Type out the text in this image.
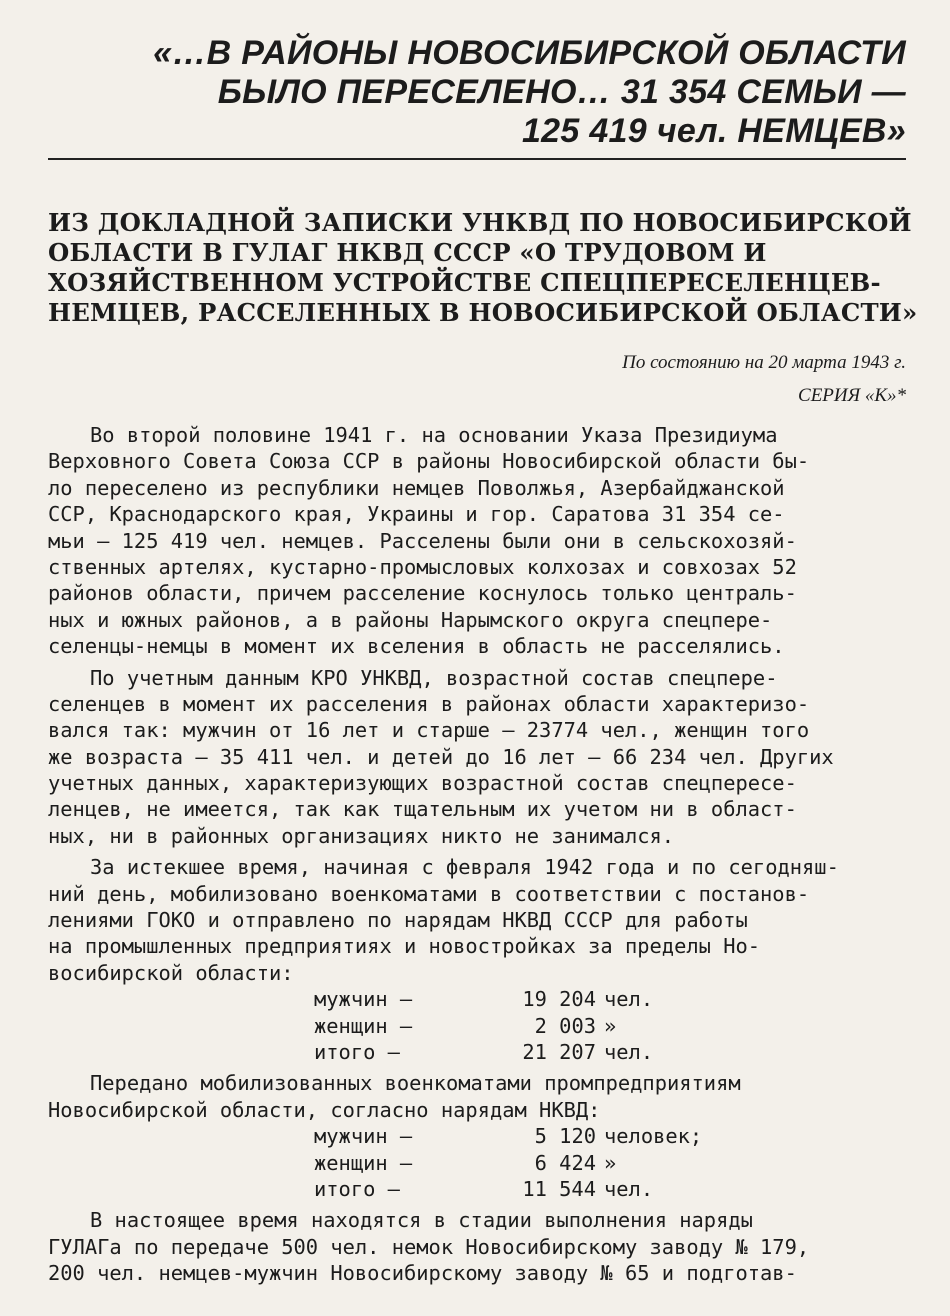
«…В РАЙОНЫ НОВОСИБИРСКОЙ ОБЛАСТИ
БЫЛО ПЕРЕСЕЛЕНО… 31 354 СЕМЬИ —
125 419 чел. НЕМЦЕВ»
ИЗ ДОКЛАДНОЙ ЗАПИСКИ УНКВД ПО НОВОСИБИРСКОЙ
ОБЛАСТИ В ГУЛАГ НКВД СССР «О ТРУДОВОМ И
ХОЗЯЙСТВЕННОМ УСТРОЙСТВЕ СПЕЦПЕРЕСЕЛЕНЦЕВ-
НЕМЦЕВ, РАССЕЛЕННЫХ В НОВОСИБИРСКОЙ ОБЛАСТИ»
По состоянию на 20 марта 1943 г.
СЕРИЯ «К»*
Во второй половине 1941 г. на основании Указа Президиума
Верховного Совета Союза ССР в районы Новосибирской области бы-
ло переселено из республики немцев Поволжья, Азербайджанской
ССР, Краснодарского края, Украины и гор. Саратова 31 354 се-
мьи — 125 419 чел. немцев. Расселены были они в сельскохозяй-
ственных артелях, кустарно-промысловых колхозах и совхозах 52
районов области, причем расселение коснулось только централь-
ных и южных районов, а в районы Нарымского округа спецпере-
селенцы-немцы в момент их вселения в область не расселялись.
По учетным данным КРО УНКВД, возрастной состав спецпере-
селенцев в момент их расселения в районах области характеризо-
вался так: мужчин от 16 лет и старше — 23774 чел., женщин того
же возраста — 35 411 чел. и детей до 16 лет — 66 234 чел. Других
учетных данных, характеризующих возрастной состав спецпересе-
ленцев, не имеется, так как тщательным их учетом ни в област-
ных, ни в районных организациях никто не занимался.
За истекшее время, начиная с февраля 1942 года и по сегодняш-
ний день, мобилизовано военкоматами в соответствии с постанов-
лениями ГОКО и отправлено по нарядам НКВД СССР для работы
на промышленных предприятиях и новостройках за пределы Но-
восибирской области:
мужчин —	19 204 чел.
женщин —	2 003 »
итого —	21 207 чел.
Передано мобилизованных военкоматами промпредприятиям
Новосибирской области, согласно нарядам НКВД:
мужчин —	5 120 человек;
женщин —	6 424 »
итого —	11 544 чел.
В настоящее время находятся в стадии выполнения наряды
ГУЛАГа по передаче 500 чел. немок Новосибирскому заводу № 179,
200 чел. немцев-мужчин Новосибирскому заводу № 65 и подготав-
